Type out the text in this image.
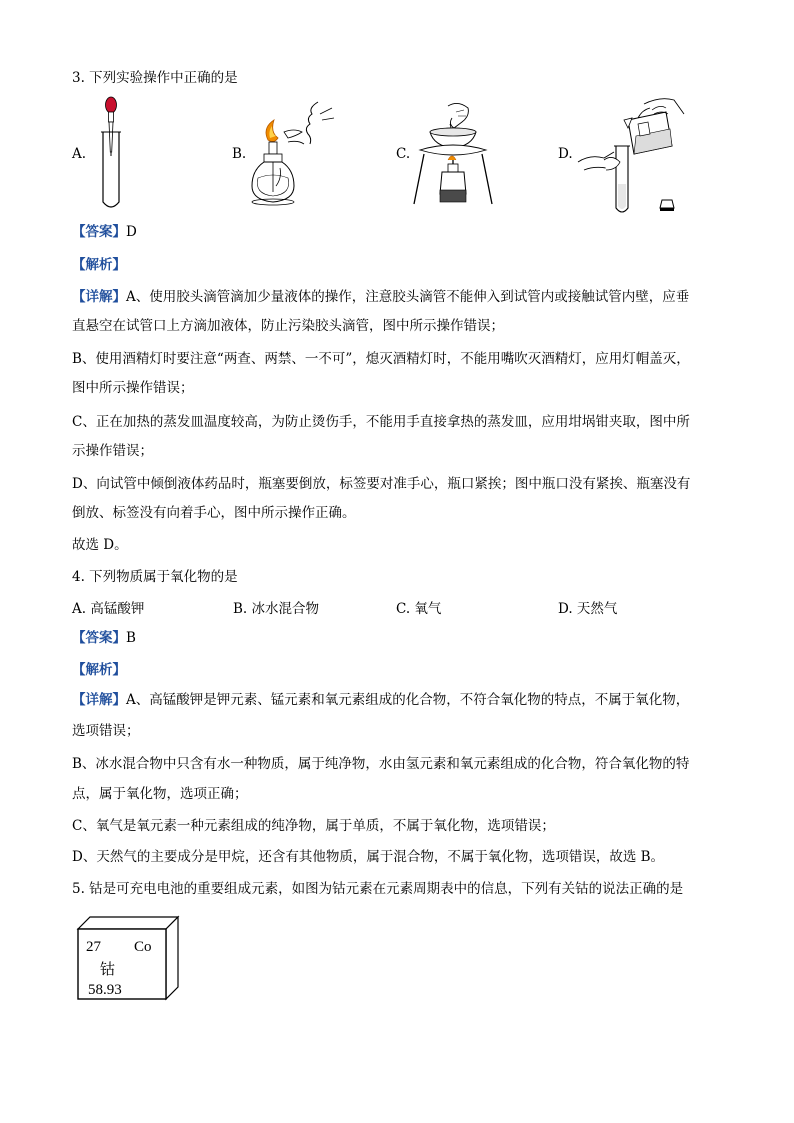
3. 下列实验操作中正确的是
A.	B.	C.	D.
【答案】D
【解析】
【详解】A、使用胶头滴管滴加少量液体的操作，注意胶头滴管不能伸入到试管内或接触试管内壁，应垂
直悬空在试管口上方滴加液体，防止污染胶头滴管，图中所示操作错误；
B、使用酒精灯时要注意“两查、两禁、一不可”，熄灭酒精灯时，不能用嘴吹灭酒精灯，应用灯帽盖灭，
图中所示操作错误；
C、正在加热的蒸发皿温度较高，为防止烫伤手，不能用手直接拿热的蒸发皿，应用坩埚钳夹取，图中所
示操作错误；
D、向试管中倾倒液体药品时，瓶塞要倒放，标签要对准手心，瓶口紧挨；图中瓶口没有紧挨、瓶塞没有
倒放、标签没有向着手心，图中所示操作正确。
故选 D。
4. 下列物质属于氧化物的是
A. 高锰酸钾	B. 冰水混合物	C. 氧气	D. 天然气
【答案】B
【解析】
【详解】A、高锰酸钾是钾元素、锰元素和氧元素组成的化合物，不符合氧化物的特点，不属于氧化物，
选项错误；
B、冰水混合物中只含有水一种物质，属于纯净物，水由氢元素和氧元素组成的化合物，符合氧化物的特
点，属于氧化物，选项正确；
C、氧气是氧元素一种元素组成的纯净物，属于单质，不属于氧化物，选项错误；
D、天然气的主要成分是甲烷，还含有其他物质，属于混合物，不属于氧化物，选项错误，故选 B。
5. 钴是可充电电池的重要组成元素，如图为钴元素在元素周期表中的信息，下列有关钴的说法正确的是
27 Co
钴
58.93
